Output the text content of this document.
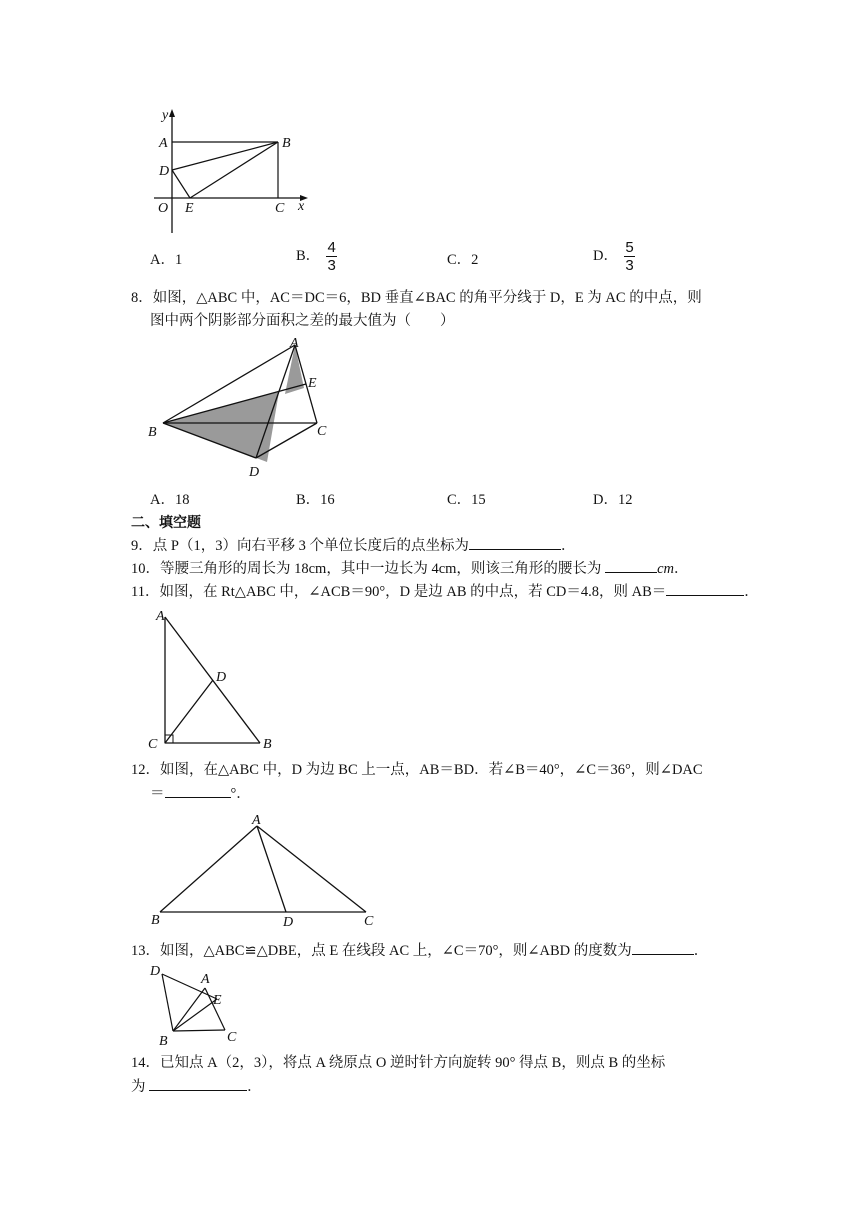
y
A	B
D
O E	C x
A．1	B． $\frac{4}{3}$	C．2	D． $\frac{5}{3}$
8．如图，△ABC 中，AC＝DC＝6，BD 垂直∠BAC 的角平分线于 D，E 为 AC 的中点，则
图中两个阴影部分面积之差的最大值为（　　）
A
E
B	C
D
A．18	B．16	C．15	D．12
二、填空题
9．点 P（1，3）向右平移 3 个单位长度后的点坐标为	．
10．等腰三角形的周长为 18cm，其中一边长为 4cm，则该三角形的腰长为	cm．
11．如图，在 Rt△ABC 中，∠ACB＝90°，D 是边 AB 的中点，若 CD＝4.8，则 AB＝	．
A
D
C	B
12．如图，在△ABC 中，D 为边 BC 上一点，AB＝BD．若∠B＝40°，∠C＝36°，则∠DAC
＝	°．
A
B	D	C
13．如图，△ABC≌△DBE，点 E 在线段 AC 上，∠C＝70°，则∠ABD 的度数为	．
D
A
E
B	C
14．已知点 A（2，3），将点 A 绕原点 O 逆时针方向旋转 90° 得点 B，则点 B 的坐标
为	．
